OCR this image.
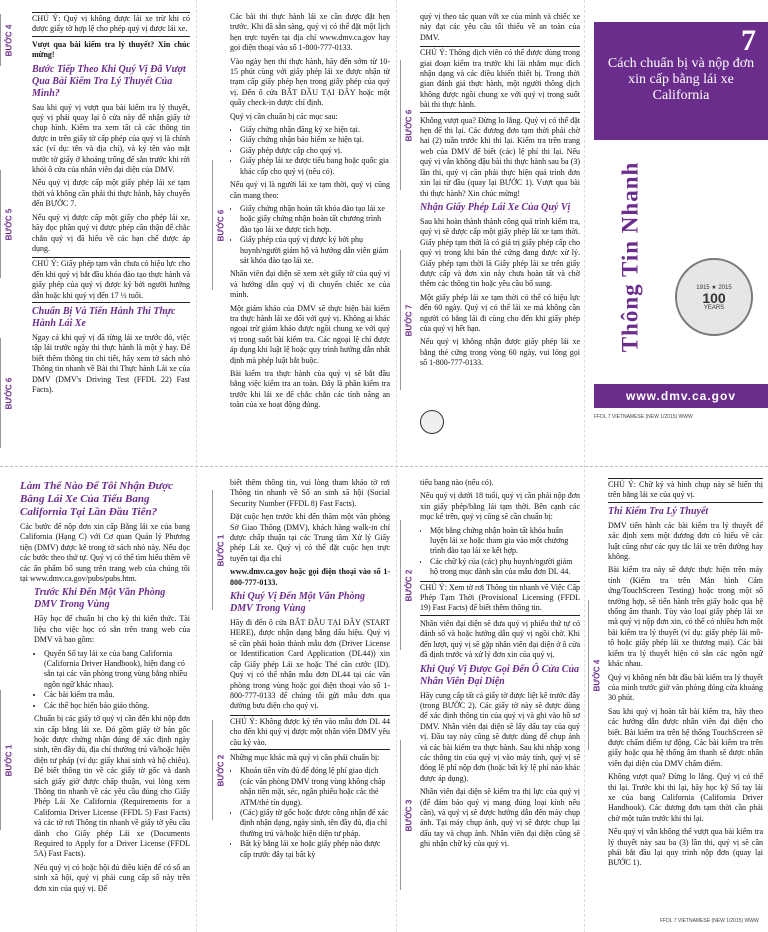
BƯỚC 4
BƯỚC 5
BƯỚC 6

CHÚ Ý: Quý vị không được lái xe trừ khi có được giấy tờ hợp lệ cho phép quý vị được lái xe.

Vượt qua bài kiểm tra lý thuyết? Xin chúc mừng!

Bước Tiếp Theo Khi Quý Vị Đã Vượt Qua Bài Kiểm Tra Lý Thuyết Của Mình?

Sau khi quý vị vượt qua bài kiểm tra lý thuyết, quý vị phải quay lại ô cửa này để nhận giấy tờ chụp hình. Kiểm tra xem tất cả các thông tin được in trên giấy tờ cấp phép của quý vị là chính xác (ví dụ: tên và địa chỉ), và ký tên vào mặt trước tờ giấy ở khoảng trống để sẵn trước khi rời khỏi ô cửa của nhân viên đại diện của DMV.

Nếu quý vị được cấp một giấy phép lái xe tạm thời và không cần phải thi thực hành, hãy chuyển đến BƯỚC 7.

Nếu quý vị được cấp một giấy cho phép lái xe, hãy đọc phần quý vị được phép cần thận để chắc chắn quý vị đã hiểu về các hạn chế được áp dụng.

CHÚ Ý: Giấy phép tạm vẫn chưa có hiệu lực cho đến khi quý vị bắt đầu khóa đào tạo thực hành và giấy phép của quý vị được ký bởi người hướng dẫn hoặc khi quý vị đến 17 ½ tuổi.

Chuẩn Bị Và Tiến Hành Thi Thực Hành Lái Xe

Ngay cả khi quý vị đã từng lái xe trước đó, việc tập lái trước ngày thi thực hành là một ý hay. Để biết thêm thông tin chi tiết, hãy xem tờ sách nhỏ Thông tin nhanh về Bài thi Thực hành Lái xe của DMV (DMV's Driving Test (FFDL 22) Fast Facts).

BƯỚC 6

Các bài thi thực hành lái xe cần được đặt hẹn trước. Khi đã sẵn sàng, quý vị có thể đặt một lịch hẹn trực tuyến tại địa chỉ www.dmv.ca.gov hay gọi điện thoại vào số 1-800-777-0133.

Vào ngày hẹn thi thực hành, hãy đến sớm từ 10-15 phút cùng với giấy phép lái xe được nhận từ trạm cấp giấy phép hẹn trong giấy phép của quý vị. Đến ô cửa BẮT ĐẦU TẠI ĐÂY hoặc một quầy check-in được chỉ định.

Quý vị cần chuẩn bị các mục sau:

• Giấy chứng nhận đăng ký xe hiện tại.
• Giấy chứng nhận bảo hiểm xe hiện tại.
• Giấy phép được cấp cho quý vị.
• Giấy phép lái xe được tiểu bang hoặc quốc gia khác cấp cho quý vị (nếu có).

Nếu quý vị là người lái xe tạm thời, quý vị cũng cần mang theo:

• Giấy chứng nhận hoàn tất khóa đào tạo lái xe hoặc giấy chứng nhận hoàn tất chương trình đào tạo lái xe được tích hợp.
• Giấy phép của quý vị được ký bởi phụ huynh/người giám hộ và hướng dẫn viên giám sát khóa đào tạo lái xe.

Nhân viên đại diện sẽ xem xét giấy tờ của quý vị và hướng dẫn quý vị di chuyển chiếc xe của mình.

Một giám khảo của DMV sẽ thực hiện bài kiểm tra thực hành lái xe đối với quý vị. Không ai khác ngoại trừ giám khảo được ngồi chung xe với quý vị trong suốt bài kiểm tra. Các ngoại lệ chỉ được áp dụng khi luật lệ hoặc quy trình hướng dẫn nhất định mà phép luật bắt buộc.

Bài kiểm tra thực hành của quý vị sẽ bắt đầu bằng việc kiểm tra an toàn. Đây là phần kiểm tra trước khi lái xe để chắc chắn các tính năng an toàn của xe hoạt động đúng.

BƯỚC 6
BƯỚC 7

quý vị theo tác quan với xe của mình và chiếc xe này đạt các yêu cầu tối thiểu về an toàn của DMV.

CHÚ Ý: Thông dịch viên có thể được dùng trong giai đoạn kiểm tra trước khi lái nhằm mục đích nhận dạng và các điều khiển thiết bị. Trong thời gian đánh giá thực hành, một người thông dịch không được ngồi chung xe với quý vị trong suốt bài thi thực hành.

Không vượt qua? Đừng lo lắng. Quý vị có thể đặt hẹn để thi lại. Các đương đơn tạm thời phải chờ hai (2) tuần trước khi thi lại. Kiểm tra trên trang web của DMV để biết (các) lệ phí thi lại. Nếu quý vị vẫn không đậu bài thi thực hành sau ba (3) lần thi, quý vị cần phải thực hiện quá trình đơn xin lại từ đầu (quay lại BƯỚC 1). Vượt qua bài thi thực hành? Xin chúc mừng!

Nhận Giấy Phép Lái Xe Của Quý Vị

Sau khi hoàn thành thành công quá trình kiểm tra, quý vị sẽ được cấp một giấy phép lái xe tạm thời. Giấy phép tạm thời là có giá trị giấy phép cấp cho quý vị trong khi bản thẻ cứng đang được xử lý. Giấy phép tạm thời là Giấy phép lái xe trên giấy được cấp và đơn xin này chưa hoàn tất và chờ thêm các thông tin hoặc yêu cầu bổ sung.

Một giấy phép lái xe tạm thời có thể có hiệu lực đến 60 ngày. Quý vị có thể lái xe mà không cần người có bằng lái đi cùng cho đến khi giấy phép của quý vị hết hạn.

Nếu quý vị không nhận được giấy phép lái xe bằng thẻ cứng trong vòng 60 ngày, vui lòng gọi số 1-800-777-0133.

7
Cách chuẩn bị và nộp đơn xin cấp bằng lái xe California
Thông Tin Nhanh	1915 ★ 2015
100
YEARS
www.dmv.ca.gov
FFDL 7 VIETNAMESE (NEW 1/2015) WWW
BƯỚC 1
Làm Thế Nào Để Tôi Nhận Được Bằng Lái Xe Của Tiểu Bang California Tại Lần Đầu Tiên?

Các bước để nộp đơn xin cấp Bằng lái xe của bang California (Hạng C) với Cơ quan Quản lý Phương tiện (DMV) được kê trong tờ sách nhỏ này. Nếu đọc các bước theo thứ tự. Quý vị có thể tìm hiểu thêm về các ấn phẩm bổ sung trên trang web của chúng tôi tại www.dmv.ca.gov/pubs/pubs.htm.

Trước Khi Đến Một Văn Phòng DMV Trong Vùng

Hãy học để chuẩn bị cho kỳ thi kiến thức. Tài liệu cho việc học có sẵn trên trang web của DMV và bao gồm:

• Quyển Sổ tay lái xe của bang California (California Driver Handbook), hiện đang có sẵn tại các văn phòng trong vùng bằng nhiều ngôn ngữ khác nhau).
• Các bài kiểm tra mẫu.
• Các thể học hiển báo giáo thông.

Chuẩn bị các giấy tờ quý vị cần đến khi nộp đơn xin cấp bằng lái xe. Đó gồm giấy tờ bản gốc hoặc được chứng nhận đúng để xác định ngày sinh, tên đầy đủ, địa chỉ thường trú và/hoặc hiện diện tư pháp (ví dụ: giấy khai sinh và hộ chiếu). Để biết thông tin về các giấy tờ gốc và danh sách giấy giờ được chấp thuận, vui lòng xem Thông tin nhanh về các yêu cầu đúng cho Giấy Phép Lái Xe California (Requirements for a California Driver License (FFDL 5) Fast Facts) và các tờ rơi Thông tin nhanh về giấy tờ yêu cầu dành cho Giấy phép Lái xe (Documents Required to Apply for a Driver License (FFDL 5A) Fast Facts).

Nếu quý vị có hoặc hội đủ điều kiện để có số an sinh xã hội, quý vị phải cung cấp số này trên đơn xin của quý vị. Để

BƯỚC 1
BƯỚC 2

biết thêm thông tin, vui lòng tham khảo tờ rơi Thông tin nhanh về Số an sinh xã hội (Social Security Number (FFDL 8) Fast Facts).

Đặt cuộc hẹn trước khi đến thăm một văn phòng Sở Giao Thông (DMV), khách hàng walk-in chỉ được chấp thuận tại các Trung tâm Xử lý Giấy phép Lái xe. Quý vị có thể đặt cuộc hẹn trực tuyến tại địa chỉ

www.dmv.ca.gov hoặc gọi điện thoại vào số 1-800-777-0133.

Khi Quý Vị Đến Một Văn Phòng DMV Trong Vùng

Hãy đi đến ô cửa BẮT ĐẦU TẠI ĐÂY (START HERE), được nhận dạng bằng dấu hiệu. Quý vị sẽ cần phải hoàn thành mẫu đơn (Driver License or Identification Card Application (DL44)) xin cấp Giấy phép Lái xe hoặc Thẻ căn cước (ID). Quý vị có thể nhận mẫu đơn DL44 tại các văn phòng trong vùng hoặc gọi điện thoại vào số 1-800-777-0133 để chúng tôi gửi mẫu đơn qua đường bưu điện cho quý vị.

CHÚ Ý: Không được ký tên vào mẫu đơn DL 44 cho đến khi quý vị được một nhân viên DMV yêu cầu ký vào.

Những mục khác mà quý vị cần phải chuẩn bị:

• Khoản tiền vừa đủ để đóng lệ phí giao dịch (các văn phòng DMV trong vùng không chấp nhận tiền mặt, séc, ngân phiếu hoặc các thẻ ATM/thẻ tín dụng).
• (Các) giấy tờ gốc hoặc được công nhận để xác định nhận dạng, ngày sinh, tên đầy đủ, địa chỉ thường trú và/hoặc hiện diện tư pháp.
• Bất kỳ bằng lái xe hoặc giấy phép nào được cấp trước đây tại bất kỳ
BƯỚC 2
BƯỚC 3

tiểu bang nào (nếu có).

Nếu quý vị dưới 18 tuổi, quý vị cần phải nộp đơn xin giấy phép/bằng lái tạm thời. Bên cạnh các mục kể trên, quý vị cũng sẽ cần chuẩn bị:

• Một bằng chứng nhận hoàn tất khóa huấn luyện lái xe hoặc tham gia vào một chương trình đào tạo lái xe kết hợp.
• Các chữ ký của (các) phụ huynh/người giám hộ trong mục dành sẵn của mẫu đơn DL 44.

CHÚ Ý: Xem tờ rơi Thông tin nhanh về Việc Cấp Phép Tạm Thời (Provisional Licensing (FFDL 19) Fast Facts) để biết thêm thông tin.

Nhân viên đại diện sẽ đưa quý vị phiếu thứ tự có đánh số và hoặc hướng dẫn quý vị ngồi chờ. Khi đến lượt, quý vị sẽ gặp nhân viên đại diện ở ô cửa đã định trước và xử lý đơn xin của quý vị.

Khi Quý Vị Được Gọi Đến Ô Cửa Của Nhân Viên Đại Diện

Hãy cung cấp tất cả giấy tờ được liệt kê trước đây (trong BƯỚC 2). Các giấy tờ này sẽ được dùng để xác định thông tin của quý vị và ghi vào hồ sơ DMV. Nhân viên đại diện sẽ lấy dấu tay của quý vị. Đầu tay này cũng sẽ được dùng để chụp ảnh và các bài kiểm tra thực hành. Sau khi nhập xong các thông tin của quý vị vào máy tính, quý vị sẽ đóng lệ phí nộp đơn (hoặc bất kỳ lệ phí nào khác được áp dụng).

Nhân viên đại diện sẽ kiểm tra thị lực của quý vị (để đảm bảo quý vị mang đúng loại kính nếu cần), và quý vị sẽ được hướng dẫn đến máy chụp ảnh. Tại máy chụp ảnh, quý vị sẽ được chụp lại dấu tay và chụp ảnh. Nhân viên đại diện cũng sẽ ghi nhận chữ ký của quý vị.

BƯỚC 4

CHÚ Ý: Chữ ký và hình chụp này sẽ hiển thị trên bằng lái xe của quý vị.

Thi Kiểm Tra Lý Thuyết

DMV tiến hành các bài kiểm tra lý thuyết để xác định xem một đương đơn có hiểu về các luật cũng như các quy tắc lái xe trên đường hay không.

Bài kiểm tra này sẽ được thực hiện trên máy tính (Kiểm tra trên Màn hình Cảm ứng/TouchScreen Testing) hoặc trong một số trường hợp, sẽ tiến hành trên giấy hoặc qua hệ thống âm thanh. Tùy vào loại giấy phép lái xe mà quý vị nộp đơn xin, có thể có nhiều hơn một bài kiểm tra lý thuyết (ví dụ: giấy phép lái mô-tô hoặc giấy phép lái xe thương mại). Các bài kiểm tra lý thuyết hiện có sẵn các ngôn ngữ khác nhau.

Quý vị không nên bắt đầu bài kiểm tra lý thuyết của mình trước giờ văn phòng đóng cửa khoảng 30 phút.

Sau khi quý vị hoàn tất bài kiểm tra, hãy theo các hướng dẫn được nhân viên đại diện cho biết. Bài kiểm tra trên hệ thống TouchScreen sẽ được chấm điểm tự động. Các bài kiểm tra trên giấy hoặc qua hệ thống âm thanh sẽ được nhân viên đại diện của DMV chấm điểm.

Không vượt qua? Đừng lo lắng. Quý vị có thể thi lại. Trước khi thi lại, hãy học kỹ Sổ tay lái xe của bang California (California Driver Handbook). Các đương đơn tạm thời cần phải chờ một tuần trước khi thi lại.

Nếu quý vị vẫn không thể vượt qua bài kiểm tra lý thuyết này sau ba (3) lần thi, quý vị sẽ cần phải bắt đầu lại quy trình nộp đơn (quay lại BƯỚC 1).

FFDL 7 VIETNAMESE (NEW 1/2015) WWW
